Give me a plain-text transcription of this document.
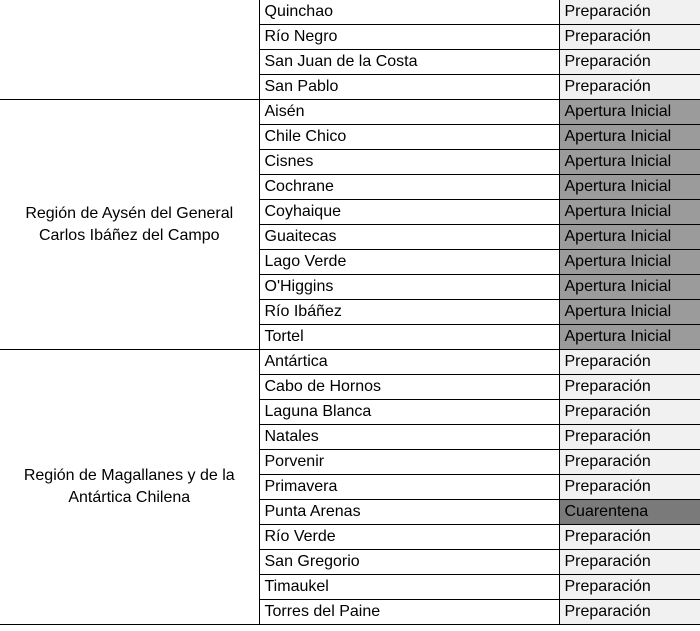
	Quinchao	Preparación
	Río Negro	Preparación
	San Juan de la Costa	Preparación
	San Pablo	Preparación
Región de Aysén del General Carlos Ibáñez del Campo	Aisén	Apertura Inicial
	Chile Chico	Apertura Inicial
	Cisnes	Apertura Inicial
	Cochrane	Apertura Inicial
	Coyhaique	Apertura Inicial
	Guaitecas	Apertura Inicial
	Lago Verde	Apertura Inicial
	O'Higgins	Apertura Inicial
	Río Ibáñez	Apertura Inicial
	Tortel	Apertura Inicial
Región de Magallanes y de la Antártica Chilena	Antártica	Preparación
	Cabo de Hornos	Preparación
	Laguna Blanca	Preparación
	Natales	Preparación
	Porvenir	Preparación
	Primavera	Preparación
	Punta Arenas	Cuarentena
	Río Verde	Preparación
	San Gregorio	Preparación
	Timaukel	Preparación
	Torres del Paine	Preparación
